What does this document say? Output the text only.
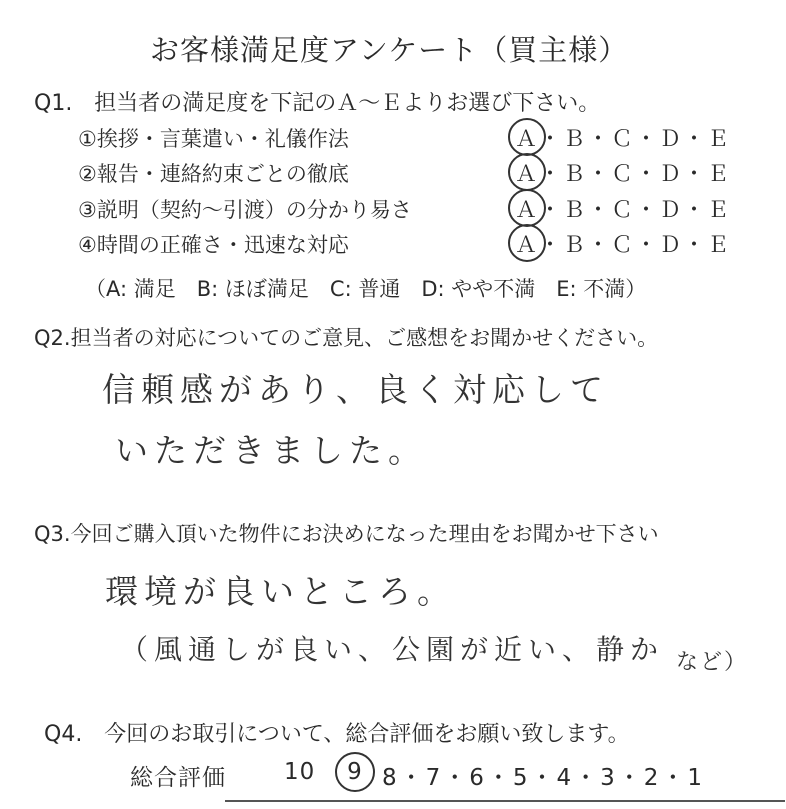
お客様満足度アンケート（買主様）
Q1.　担当者の満足度を下記のＡ～Ｅよりお選び下さい。
①挨拶・言葉遣い・礼儀作法	Ａ・Ｂ・Ｃ・Ｄ・Ｅ
②報告・連絡約束ごとの徹底	Ａ・Ｂ・Ｃ・Ｄ・Ｅ
③説明（契約～引渡）の分かり易さ	Ａ・Ｂ・Ｃ・Ｄ・Ｅ
④時間の正確さ・迅速な対応	Ａ・Ｂ・Ｃ・Ｄ・Ｅ
（A: 満足　B: ほぼ満足　C: 普通　D: やや不満　E: 不満）
Q2.担当者の対応についてのご意見、ご感想をお聞かせください。
信頼感があり、良く対応して
いただきました。
Q3.今回ご購入頂いた物件にお決めになった理由をお聞かせ下さい
環境が良いところ。
（風通しが良い、公園が近い、静か など）
Q4.　今回のお取引について、総合評価をお願い致します。
総合評価	10	9 8・7・6・5・4・3・2・1
